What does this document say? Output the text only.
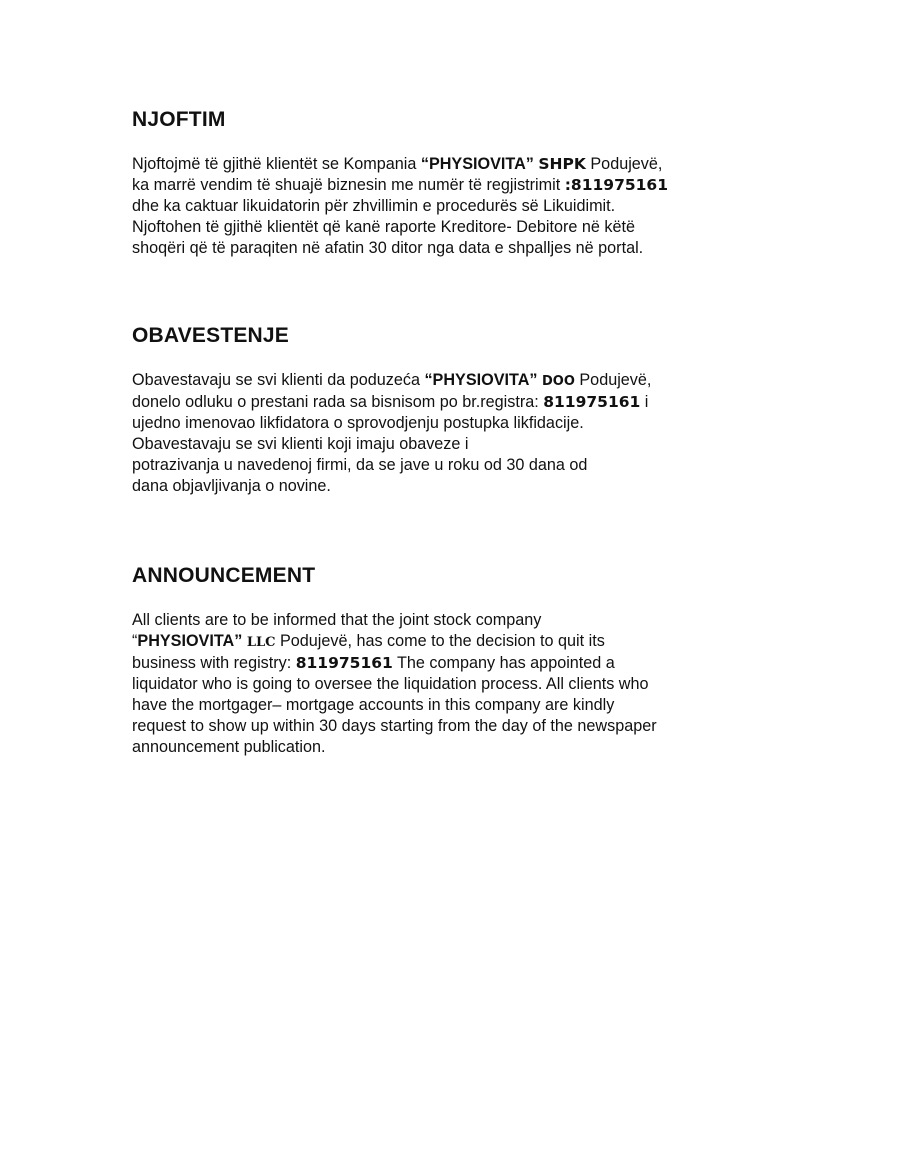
NJOFTIM
Njoftojmë të gjithë klientët se Kompania “PHYSIOVITA” SHPK Podujevë,
ka marrë vendim të shuajë biznesin me numër të regjistrimit :811975161
dhe ka caktuar likuidatorin për zhvillimin e procedurës së Likuidimit.
Njoftohen të gjithë klientët që kanë raporte Kreditore- Debitore në këtë
shoqëri që të paraqiten në afatin 30 ditor nga data e shpalljes në portal.
OBAVESTENJE
Obavestavaju se svi klienti da poduzeća “PHYSIOVITA” DOO Podujevë,
donelo odluku o prestani rada sa bisnisom po br.registra: 811975161 i
ujedno imenovao likfidatora o sprovodjenju postupka likfidacije.
Obavestavaju se svi klienti koji imaju obaveze i
potrazivanja u navedenoj firmi, da se jave u roku od 30 dana od
dana objavljivanja o novine.
ANNOUNCEMENT
All clients are to be informed that the joint stock company
“PHYSIOVITA” LLC Podujevë, has come to the decision to quit its
business with registry: 811975161 The company has appointed a
liquidator who is going to oversee the liquidation process. All clients who
have the mortgager– mortgage accounts in this company are kindly
request to show up within 30 days starting from the day of the newspaper
announcement publication.
